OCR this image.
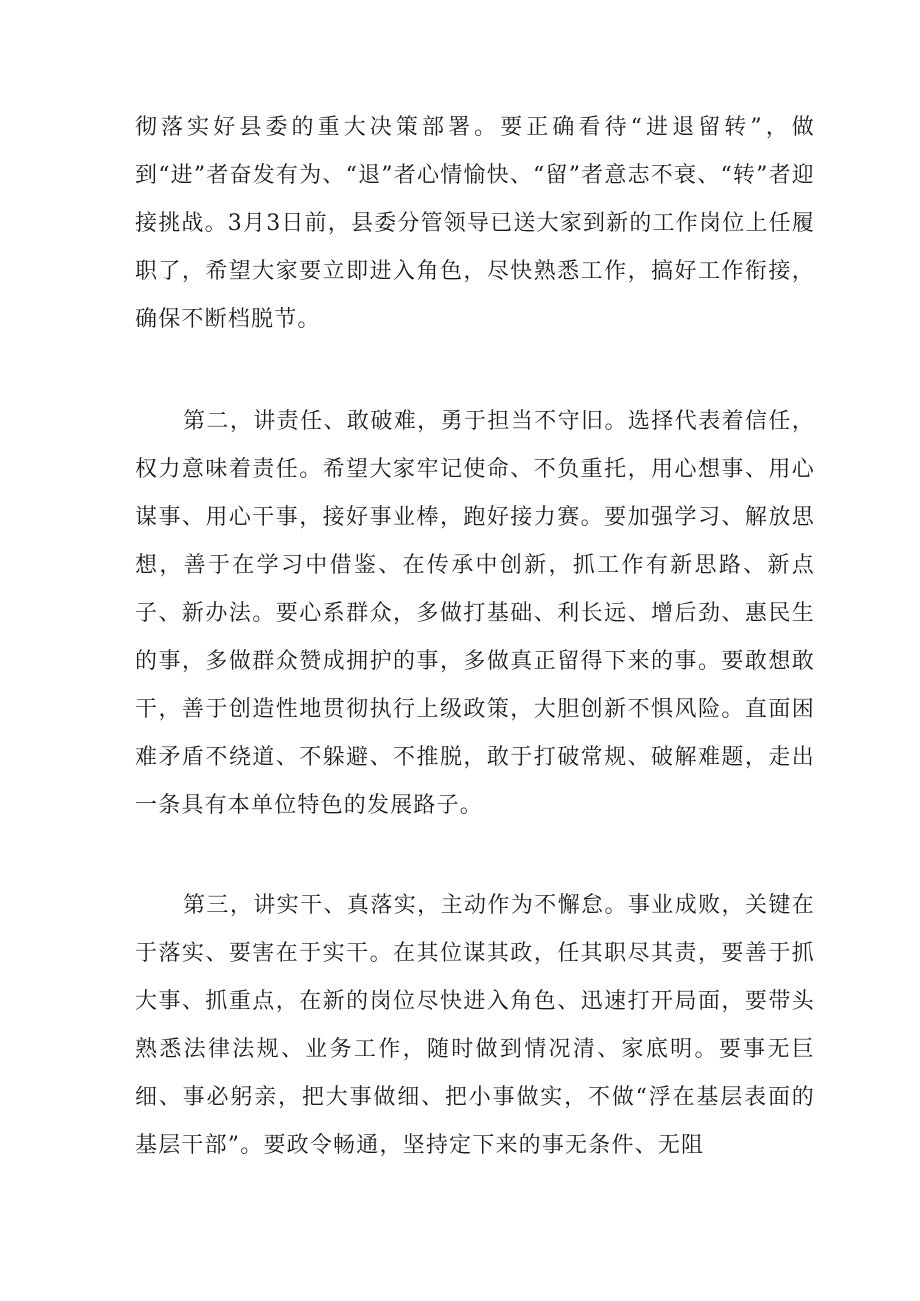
彻落实好县委的重大决策部署。要正确看待“进退留转”，做到“进”者奋发有为、“退”者心情愉快、“留”者意志不衰、“转”者迎接挑战。3月3日前，县委分管领导已送大家到新的工作岗位上任履职了，希望大家要立即进入角色，尽快熟悉工作，搞好工作衔接，确保不断档脱节。

第二，讲责任、敢破难，勇于担当不守旧。选择代表着信任，权力意味着责任。希望大家牢记使命、不负重托，用心想事、用心谋事、用心干事，接好事业棒，跑好接力赛。要加强学习、解放思想，善于在学习中借鉴、在传承中创新，抓工作有新思路、新点子、新办法。要心系群众，多做打基础、利长远、增后劲、惠民生的事，多做群众赞成拥护的事，多做真正留得下来的事。要敢想敢干，善于创造性地贯彻执行上级政策，大胆创新不惧风险。直面困难矛盾不绕道、不躲避、不推脱，敢于打破常规、破解难题，走出一条具有本单位特色的发展路子。

第三，讲实干、真落实，主动作为不懈怠。事业成败，关键在于落实、要害在于实干。在其位谋其政，任其职尽其责，要善于抓大事、抓重点，在新的岗位尽快进入角色、迅速打开局面，要带头熟悉法律法规、业务工作，随时做到情况清、家底明。要事无巨细、事必躬亲，把大事做细、把小事做实，不做“浮在基层表面的基层干部”。要政令畅通，坚持定下来的事无条件、无阻
